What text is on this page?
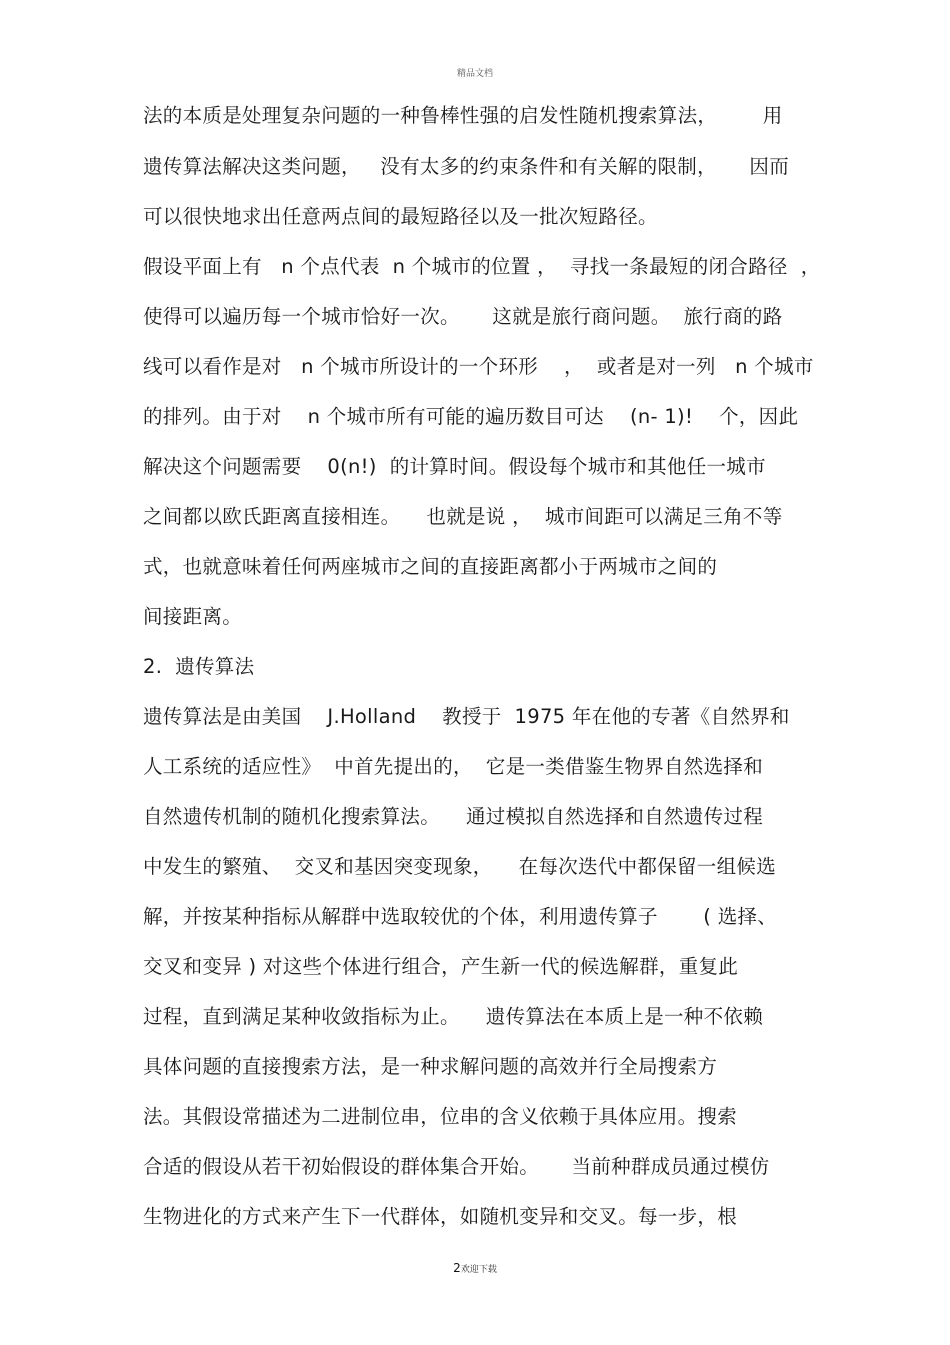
精品文档
法的本质是处理复杂问题的一种鲁棒性强的启发性随机搜索算法，       用
遗传算法解决这类问题，   没有太多的约束条件和有关解的限制，     因而
可以很快地求出任意两点间的最短路径以及一批次短路径。
假设平面上有   n 个点代表  n 个城市的位置 ，  寻找一条最短的闭合路径  ，
使得可以遍历每一个城市恰好一次。     这就是旅行商问题。  旅行商的路
线可以看作是对   n 个城市所设计的一个环形    ，  或者是对一列   n 个城市
的排列。由于对    n 个城市所有可能的遍历数目可达    (n- 1)!    个，因此
解决这个问题需要    0(n!)  的计算时间。假设每个城市和其他任一城市
之间都以欧氏距离直接相连。    也就是说 ，  城市间距可以满足三角不等
式，也就意味着任何两座城市之间的直接距离都小于两城市之间的
间接距离。
2.  遗传算法
遗传算法是由美国    J.Holland    教授于  1975 年在他的专著《自然界和
人工系统的适应性》  中首先提出的，  它是一类借鉴生物界自然选择和
自然遗传机制的随机化搜索算法。    通过模拟自然选择和自然遗传过程
中发生的繁殖、  交叉和基因突变现象，    在每次迭代中都保留一组候选
解，并按某种指标从解群中选取较优的个体，利用遗传算子       ( 选择、
交叉和变异 ) 对这些个体进行组合，产生新一代的候选解群，重复此
过程，直到满足某种收敛指标为止。    遗传算法在本质上是一种不依赖
具体问题的直接搜索方法，是一种求解问题的高效并行全局搜索方
法。其假设常描述为二进制位串，位串的含义依赖于具体应用。搜索
合适的假设从若干初始假设的群体集合开始。     当前种群成员通过模仿
生物进化的方式来产生下一代群体，如随机变异和交叉。每一步，根
2欢迎下载
